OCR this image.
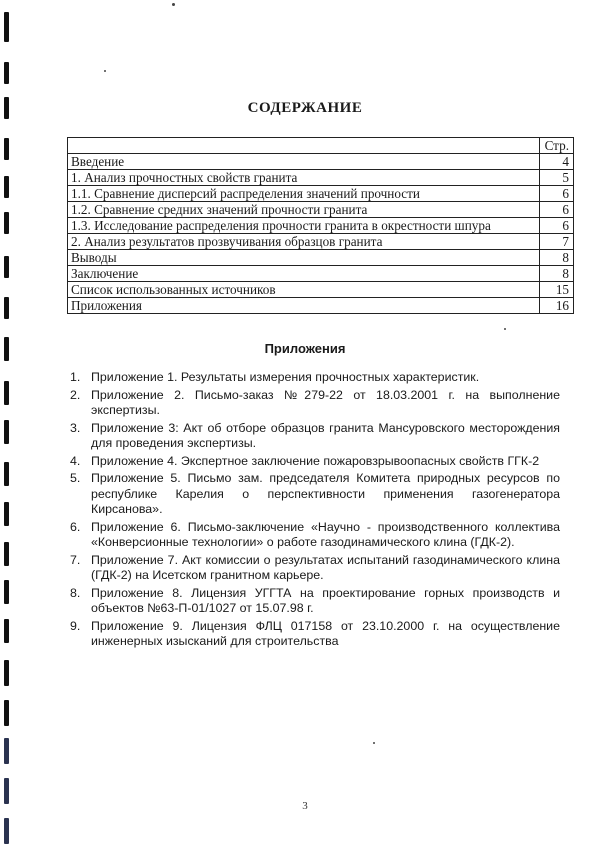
СОДЕРЖАНИЕ
	Стр.
Введение	4
1. Анализ прочностных свойств гранита	5
1.1. Сравнение дисперсий распределения значений прочности	6
1.2. Сравнение средних значений прочности гранита	6
1.3. Исследование распределения прочности гранита в окрестности шпура	6
2. Анализ результатов прозвучивания образцов гранита	7
Выводы	8
Заключение	8
Список использованных источников	15
Приложения	16
Приложения
1. Приложение 1. Результаты измерения прочностных характеристик.
2. Приложение 2. Письмо-заказ №279-22 от 18.03.2001 г. на выполнение экспертизы.
3. Приложение 3: Акт об отборе образцов гранита Мансуровского месторождения для проведения экспертизы.
4. Приложение 4. Экспертное заключение пожаровзрывоопасных свойств ГГК-2
5. Приложение 5. Письмо зам. председателя Комитета природных ресурсов по республике Карелия о перспективности применения газогенератора Кирсанова».
6. Приложение 6. Письмо-заключение «Научно - производственного коллектива «Конверсионные технологии» о работе газодинамического клина (ГДК-2).
7. Приложение 7. Акт комиссии о результатах испытаний газодинамического клина (ГДК-2) на Исетском гранитном карьере.
8. Приложение 8. Лицензия УГГТА на проектирование горных производств и объектов №63-П-01/1027 от 15.07.98 г.
9. Приложение 9. Лицензия ФЛЦ 017158 от 23.10.2000 г. на осуществление инженерных изысканий для строительства
3
